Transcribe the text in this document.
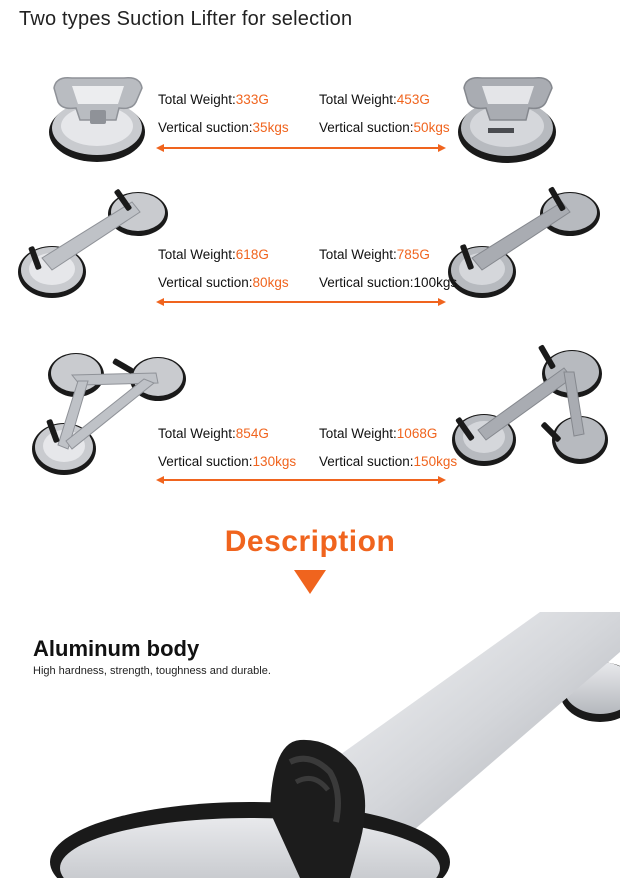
Two types Suction Lifter for selection
Total Weight:333G
Vertical suction:35kgs
Total Weight:453G
Vertical suction:50kgs
Total Weight:618G
Vertical suction:80kgs
Total Weight:785G
Vertical suction:100kgs
Total Weight:854G
Vertical suction:130kgs
Total Weight:1068G
Vertical suction:150kgs
Description
Aluminum body
High hardness, strength, toughness and durable.
